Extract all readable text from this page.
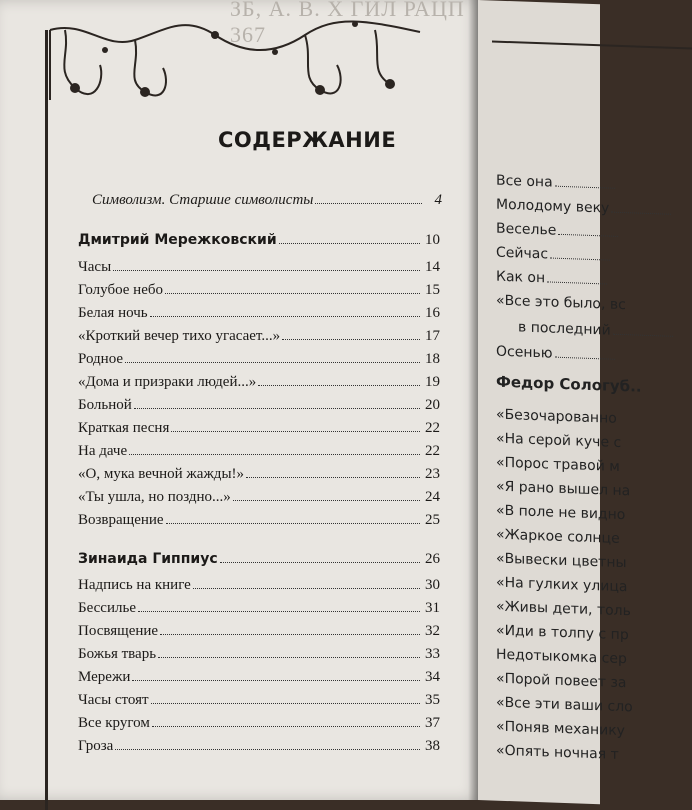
ЗБ, А. В. Х ГИЛ РАЦП 367
СОДЕРЖАНИЕ
Символизм. Старшие символисты	4
Дмитрий Мережковский	10
Часы	14
Голубое небо	15
Белая ночь	16
«Кроткий вечер тихо угасает...»	17
Родное	18
«Дома и призраки людей...»	19
Больной	20
Краткая песня	22
На даче	22
«О, мука вечной жажды!»	23
«Ты ушла, но поздно...»	24
Возвращение	25
Зинаида Гиппиус	26
Надпись на книге	30
Бессилье	31
Посвящение	32
Божья тварь	33
Мережи	34
Часы стоят	35
Все кругом	37
Гроза	38
Все она
Молодому веку
Веселье
Сейчас
Как он
«Все это было, вс
в последний
Осенью
Федор Сологуб..
«Безочарованно
«На серой куче с
«Порос травой м
«Я рано вышел на
«В поле не видно
«Жаркое солнце
«Вывески цветны
«На гулких улица
«Живы дети, толь
«Иди в толпу с пр
Недотыкомка сер
«Порой повеет за
«Все эти ваши сло
«Поняв механику
«Опять ночная т
